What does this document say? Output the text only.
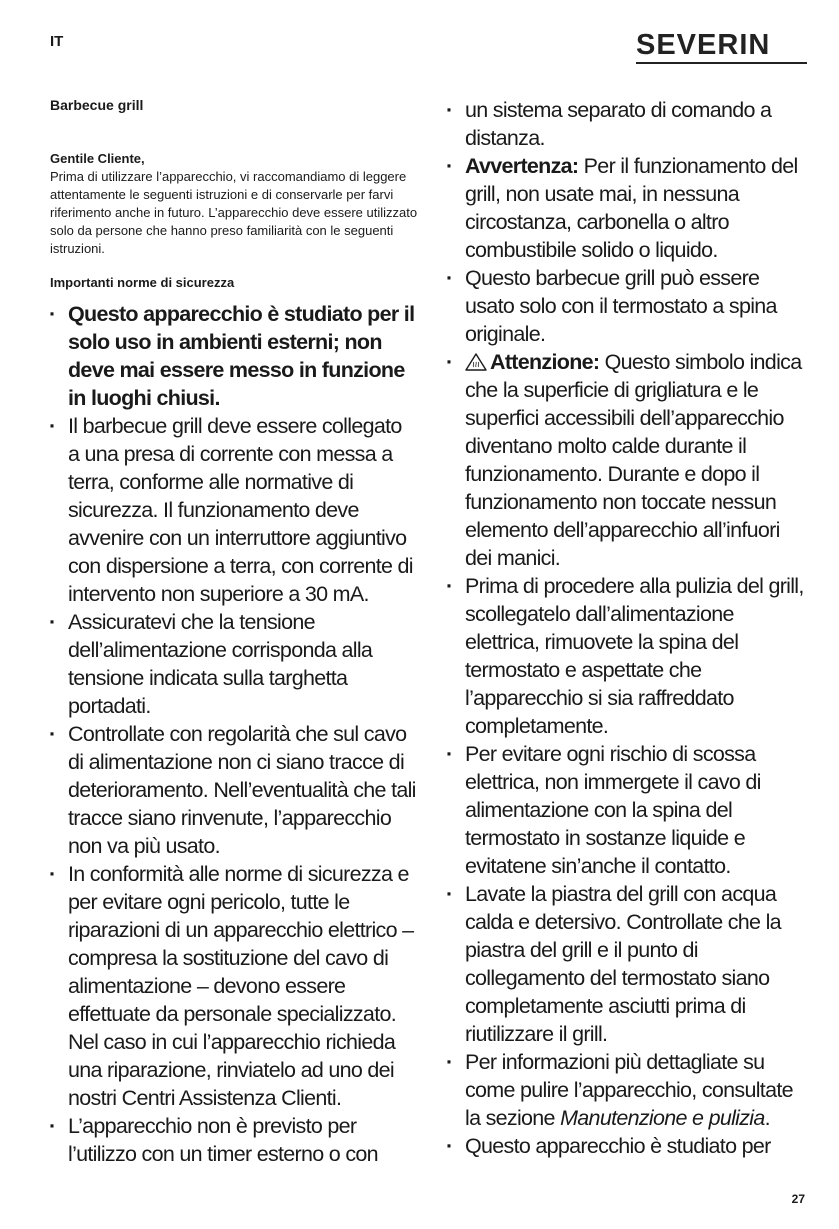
IT	SEVERIN
Barbecue grill
Gentile Cliente,
Prima di utilizzare l’apparecchio, vi raccomandiamo di leggere attentamente le seguenti istruzioni e di conservarle per farvi riferimento anche in futuro. L’apparecchio deve essere utilizzato solo da persone che hanno preso familiarità con le seguenti istruzioni.
Importanti norme di sicurezza
· Questo apparecchio è studiato per il solo uso in ambienti esterni; non deve mai essere messo in funzione in luoghi chiusi.
· Il barbecue grill deve essere collegato a una presa di corrente con messa a terra, conforme alle normative di sicurezza. Il funzionamento deve avvenire con un interruttore aggiuntivo con dispersione a terra, con corrente di intervento non superiore a 30 mA.
· Assicuratevi che la tensione dell’alimentazione corrisponda alla tensione indicata sulla targhetta portadati.
· Controllate con regolarità che sul cavo di alimentazione non ci siano tracce di deterioramento. Nell’eventualità che tali tracce siano rinvenute, l’apparecchio non va più usato.
· In conformità alle norme di sicurezza e per evitare ogni pericolo, tutte le riparazioni di un apparecchio elettrico – compresa la sostituzione del cavo di alimentazione – devono essere effettuate da personale specializzato. Nel caso in cui l’apparecchio richieda una riparazione, rinviatelo ad uno dei nostri Centri Assistenza Clienti.
· L’apparecchio non è previsto per l’utilizzo con un timer esterno o con
· un sistema separato di comando a distanza.
· Avvertenza: Per il funzionamento del grill, non usate mai, in nessuna circostanza, carbonella o altro combustibile solido o liquido.
· Questo barbecue grill può essere usato solo con il termostato a spina originale.
· Attenzione: Questo simbolo indica che la superficie di grigliatura e le superfici accessibili dell’apparecchio diventano molto calde durante il funzionamento. Durante e dopo il funzionamento non toccate nessun elemento dell’apparecchio all’infuori dei manici.
· Prima di procedere alla pulizia del grill, scollegatelo dall’alimentazione elettrica, rimuovete la spina del termostato e aspettate che l’apparecchio si sia raffreddato completamente.
· Per evitare ogni rischio di scossa elettrica, non immergete il cavo di alimentazione con la spina del termostato in sostanze liquide e evitatene sin’anche il contatto.
· Lavate la piastra del grill con acqua calda e detersivo. Controllate che la piastra del grill e il punto di collegamento del termostato siano completamente asciutti prima di riutilizzare il grill.
· Per informazioni più dettagliate su come pulire l’apparecchio, consultate la sezione Manutenzione e pulizia.
· Questo apparecchio è studiato per
27
